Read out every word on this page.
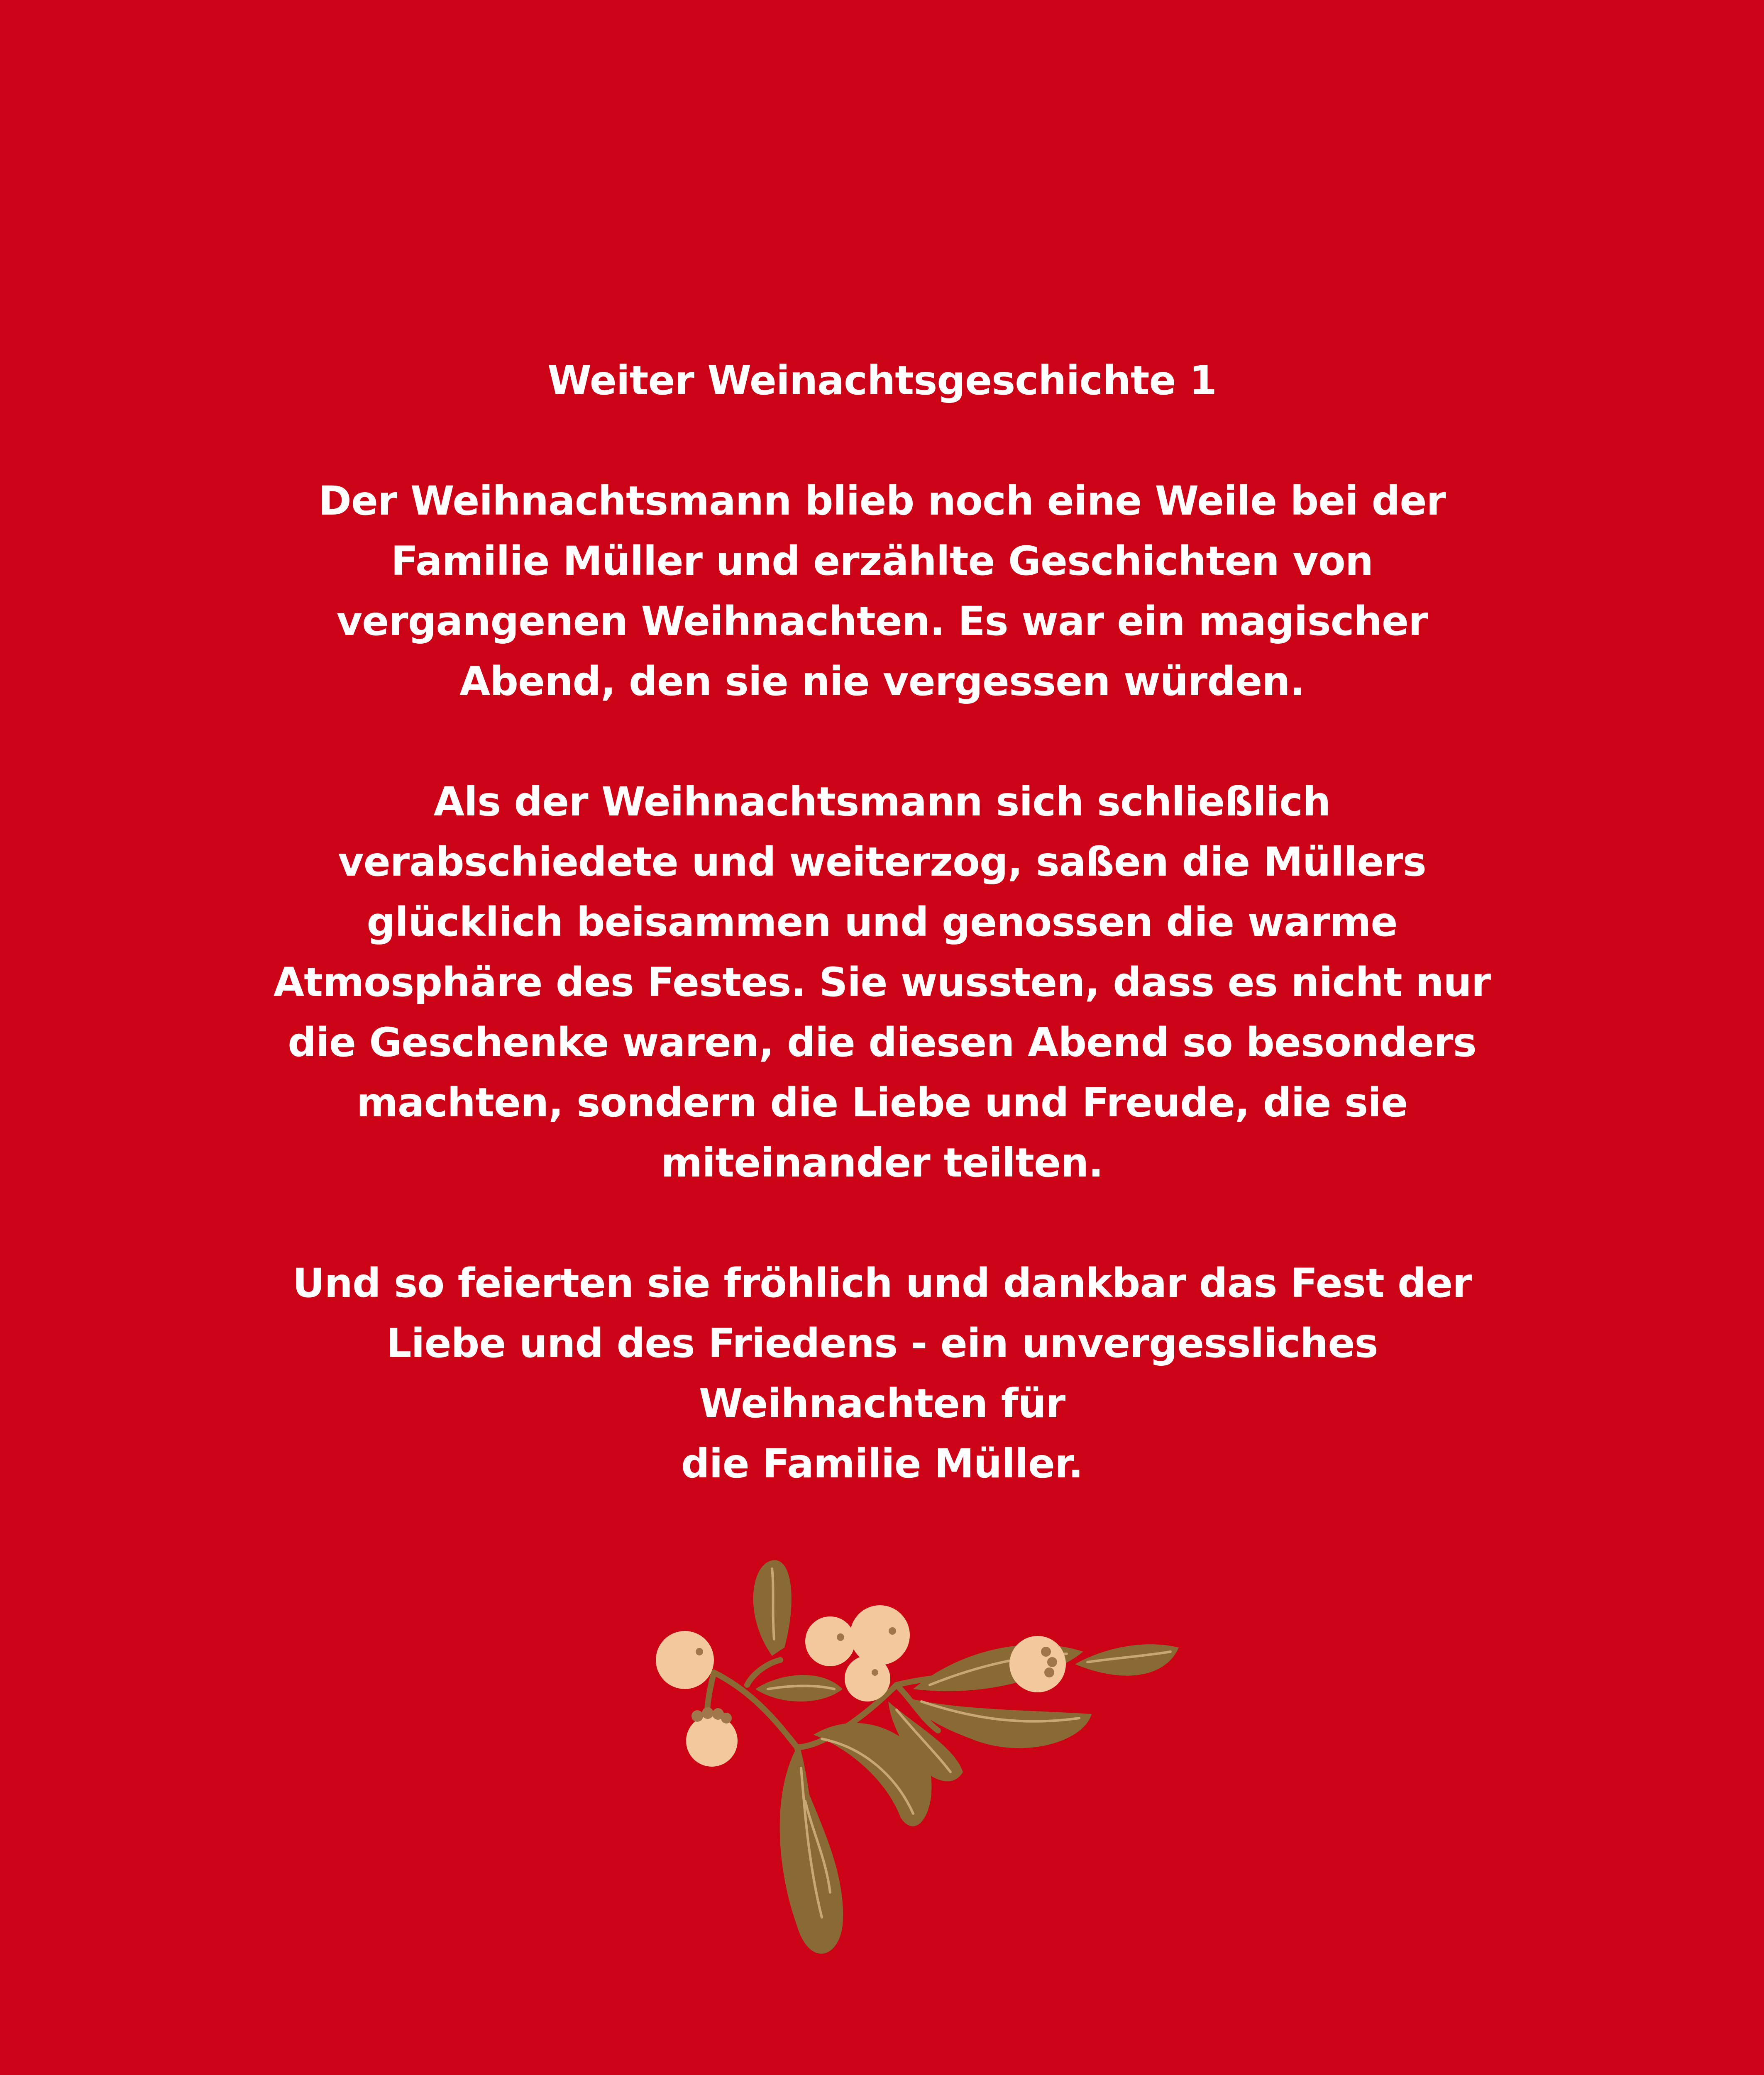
Weiter Weinachtsgeschichte 1

Der Weihnachtsmann blieb noch eine Weile bei der
Familie Müller und erzählte Geschichten von
vergangenen Weihnachten. Es war ein magischer
Abend, den sie nie vergessen würden.

Als der Weihnachtsmann sich schließlich
verabschiedete und weiterzog, saßen die Müllers
glücklich beisammen und genossen die warme
Atmosphäre des Festes. Sie wussten, dass es nicht nur
die Geschenke waren, die diesen Abend so besonders
machten, sondern die Liebe und Freude, die sie
miteinander teilten.

Und so feierten sie fröhlich und dankbar das Fest der
Liebe und des Friedens - ein unvergessliches
Weihnachten für
die Familie Müller.
